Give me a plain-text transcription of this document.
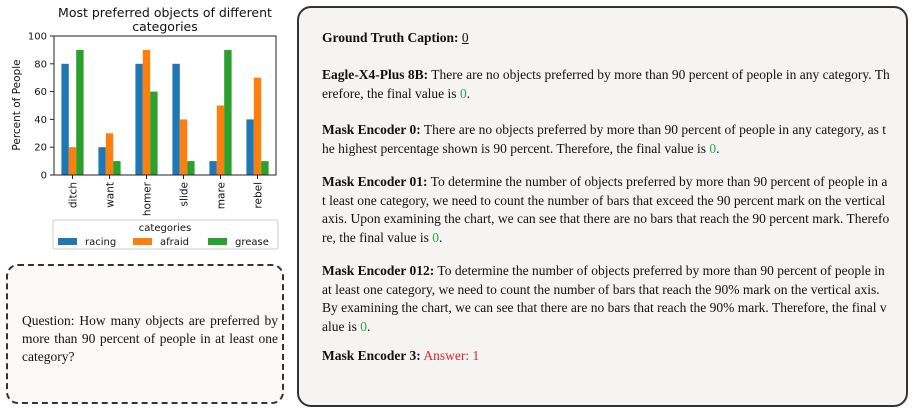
Most preferred objects of different
categories
Percent of People
0
20
40
60
80
100
ditch want homer slide mare rebel
categories
racing	afraid	grease
Question: How many objects are preferred by more than 90 percent of people in at least one category?
Ground Truth Caption: 0
Eagle-X4-Plus 8B: There are no objects preferred by more than 90 percent of people in any category. Therefore, the final value is 0.
Mask Encoder 0: There are no objects preferred by more than 90 percent of people in any category, as the highest percentage shown is 90 percent. Therefore, the final value is 0.
Mask Encoder 01: To determine the number of objects preferred by more than 90 percent of people in at least one category, we need to count the number of bars that exceed the 90 percent mark on the vertical axis. Upon examining the chart, we can see that there are no bars that reach the 90 percent mark. Therefore, the final value is 0.
Mask Encoder 012: To determine the number of objects preferred by more than 90 percent of people in at least one category, we need to count the number of bars that reach the 90% mark on the vertical axis. By examining the chart, we can see that there are no bars that reach the 90% mark. Therefore, the final value is 0.
Mask Encoder 3: Answer: 1
